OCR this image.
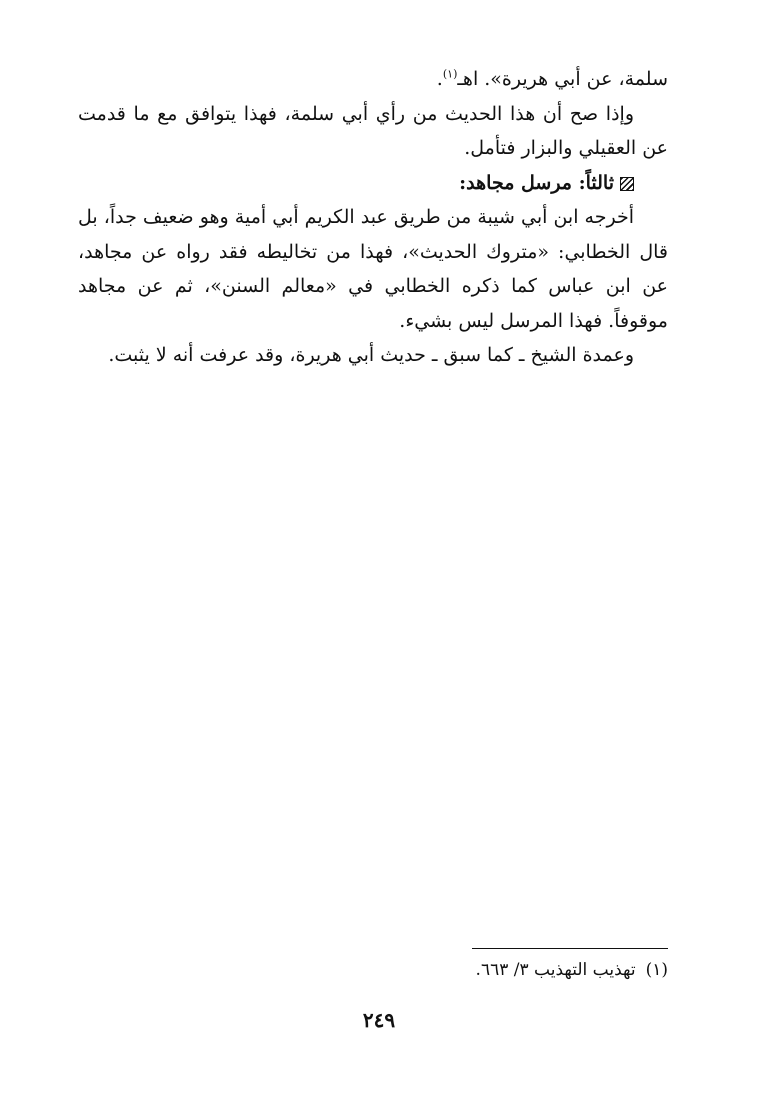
سلمة، عن أبي هريرة». اهـ$^{(١)}$.

وإذا صح أن هذا الحديث من رأي أبي سلمة، فهذا يتوافق مع ما قدمت عن العقيلي والبزار فتأمل.

ثالثاً: مرسل مجاهد:

أخرجه ابن أبي شيبة من طريق عبد الكريم أبي أمية وهو ضعيف جداً، بل قال الخطابي: «متروك الحديث»، فهذا من تخاليطه فقد رواه عن مجاهد، عن ابن عباس كما ذكره الخطابي في «معالم السنن»، ثم عن مجاهد موقوفاً. فهذا المرسل ليس بشيء.

وعمدة الشيخ ـ كما سبق ـ حديث أبي هريرة، وقد عرفت أنه لا يثبت.

(١)تهذيب التهذيب ٣/ ٦٦٣.
٢٤٩
